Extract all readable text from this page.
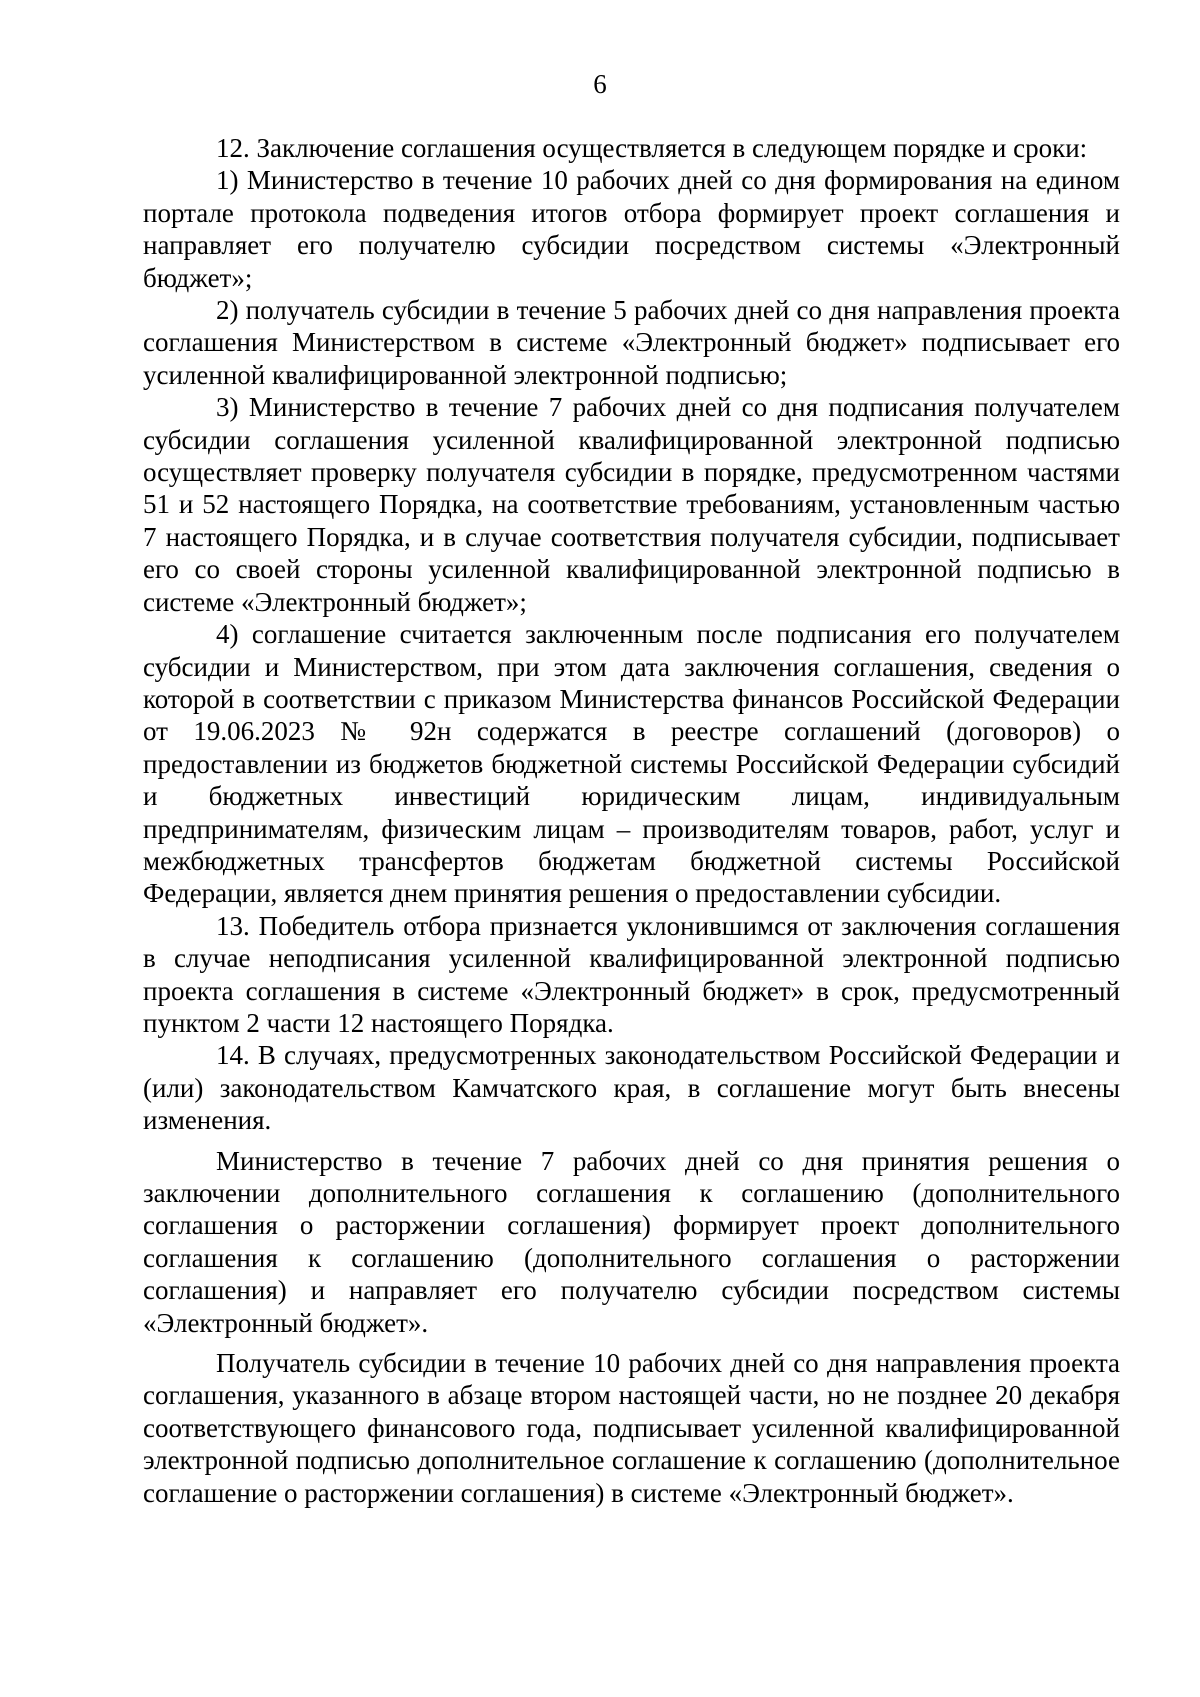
6

12. Заключение соглашения осуществляется в следующем порядке и сроки:

1) Министерство в течение 10 рабочих дней со дня формирования на едином портале протокола подведения итогов отбора формирует проект соглашения и направляет его получателю субсидии посредством системы «Электронный бюджет»;

2) получатель субсидии в течение 5 рабочих дней со дня направления проекта соглашения Министерством в системе «Электронный бюджет» подписывает его усиленной квалифицированной электронной подписью;

3) Министерство в течение 7 рабочих дней со дня подписания получателем субсидии соглашения усиленной квалифицированной электронной подписью осуществляет проверку получателя субсидии в порядке, предусмотренном частями 51 и 52 настоящего Порядка, на соответствие требованиям, установленным частью 7 настоящего Порядка, и в случае соответствия получателя субсидии, подписывает его со своей стороны усиленной квалифицированной электронной подписью в системе «Электронный бюджет»;

4) соглашение считается заключенным после подписания его получателем субсидии и Министерством, при этом дата заключения соглашения, сведения о которой в соответствии с приказом Министерства финансов Российской Федерации от 19.06.2023 № 92н содержатся в реестре соглашений (договоров) о предоставлении из бюджетов бюджетной системы Российской Федерации субсидий и бюджетных инвестиций юридическим лицам, индивидуальным предпринимателям, физическим лицам – производителям товаров, работ, услуг и межбюджетных трансфертов бюджетам бюджетной системы Российской Федерации, является днем принятия решения о предоставлении субсидии.

13. Победитель отбора признается уклонившимся от заключения соглашения в случае неподписания усиленной квалифицированной электронной подписью проекта соглашения в системе «Электронный бюджет» в срок, предусмотренный пунктом 2 части 12 настоящего Порядка.

14. В случаях, предусмотренных законодательством Российской Федерации и (или) законодательством Камчатского края, в соглашение могут быть внесены изменения.

Министерство в течение 7 рабочих дней со дня принятия решения о заключении дополнительного соглашения к соглашению (дополнительного соглашения о расторжении соглашения) формирует проект дополнительного соглашения к соглашению (дополнительного соглашения о расторжении соглашения) и направляет его получателю субсидии посредством системы «Электронный бюджет».

Получатель субсидии в течение 10 рабочих дней со дня направления проекта соглашения, указанного в абзаце втором настоящей части, но не позднее 20 декабря соответствующего финансового года, подписывает усиленной квалифицированной электронной подписью дополнительное соглашение к соглашению (дополнительное соглашение о расторжении соглашения) в системе «Электронный бюджет».
